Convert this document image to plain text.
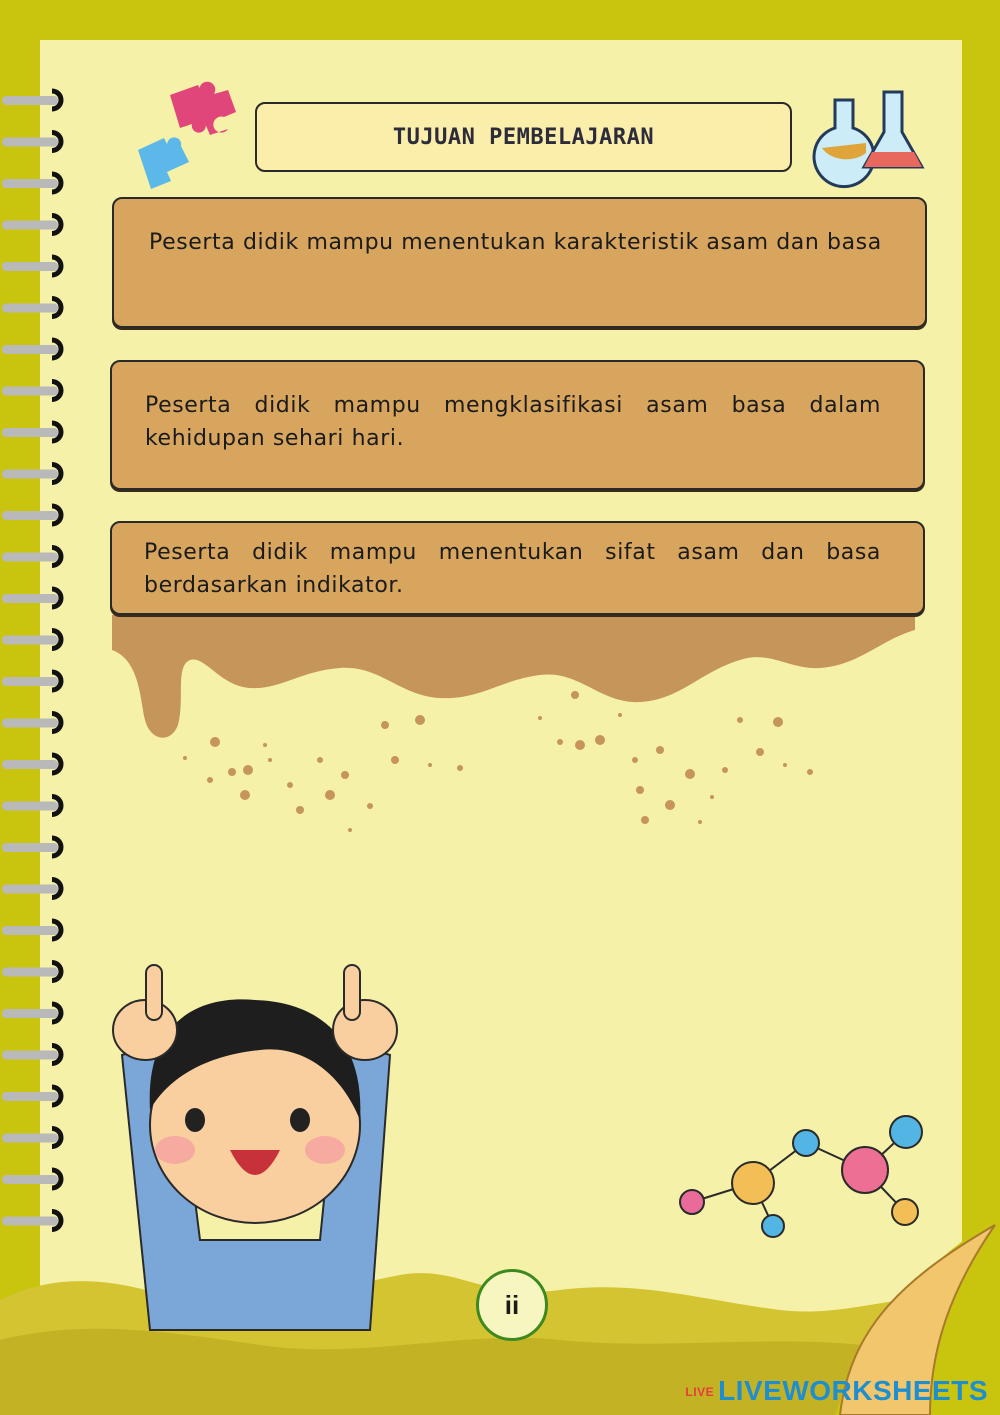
TUJUAN PEMBELAJARAN
Peserta didik mampu menentukan karakteristik asam dan basa
Peserta didik mampu mengklasifikasi asam basa dalam kehidupan sehari hari.
Peserta didik mampu menentukan sifat asam dan basa berdasarkan indikator.
ii
LIVE LIVEWORKSHEETS
